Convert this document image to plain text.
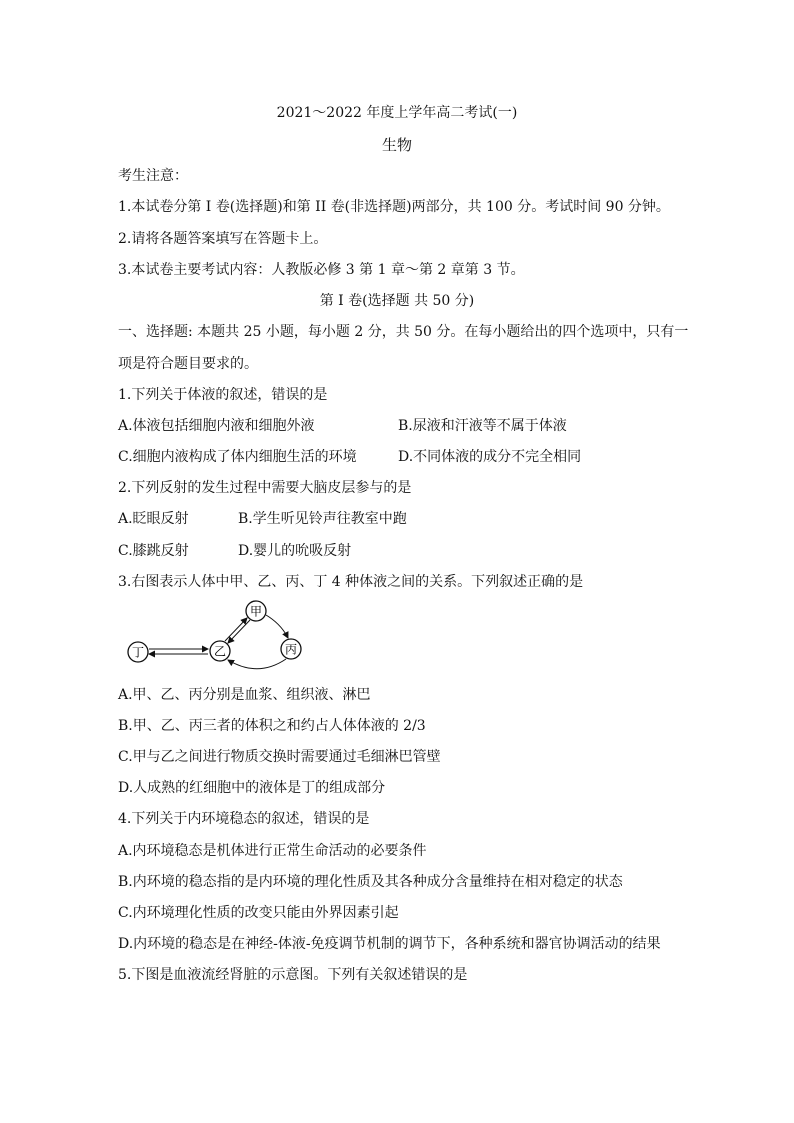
2021～2022 年度上学年高二考试(一)
生物
考生注意：
1.本试卷分第 I 卷(选择题)和第 II 卷(非选择题)两部分，共 100 分。考试时间 90 分钟。
2.请将各题答案填写在答题卡上。
3.本试卷主要考试内容：人教版必修 3 第 1 章～第 2 章第 3 节。
第 I 卷(选择题 共 50 分)
一、选择题: 本题共 25 小题，每小题 2 分，共 50 分。在每小题给出的四个选项中，只有一
项是符合题目要求的。
1.下列关于体液的叙述，错误的是
A.体液包括细胞内液和细胞外液	B.尿液和汗液等不属于体液
C.细胞内液构成了体内细胞生活的环境	D.不同体液的成分不完全相同
2.下列反射的发生过程中需要大脑皮层参与的是
A.眨眼反射	B.学生听见铃声往教室中跑
C.膝跳反射	D.婴儿的吮吸反射
3.右图表示人体中甲、乙、丙、丁 4 种体液之间的关系。下列叙述正确的是
甲
乙	丙
丁
A.甲、乙、丙分别是血浆、组织液、淋巴
B.甲、乙、丙三者的体积之和约占人体体液的 2/3
C.甲与乙之间进行物质交换时需要通过毛细淋巴管壁
D.人成熟的红细胞中的液体是丁的组成部分
4.下列关于内环境稳态的叙述，错误的是
A.内环境稳态是机体进行正常生命活动的必要条件
B.内环境的稳态指的是内环境的理化性质及其各种成分含量维持在相对稳定的状态
C.内环境理化性质的改变只能由外界因素引起
D.内环境的稳态是在神经-体液-免疫调节机制的调节下，各种系统和器官协调活动的结果
5.下图是血液流经肾脏的示意图。下列有关叙述错误的是
